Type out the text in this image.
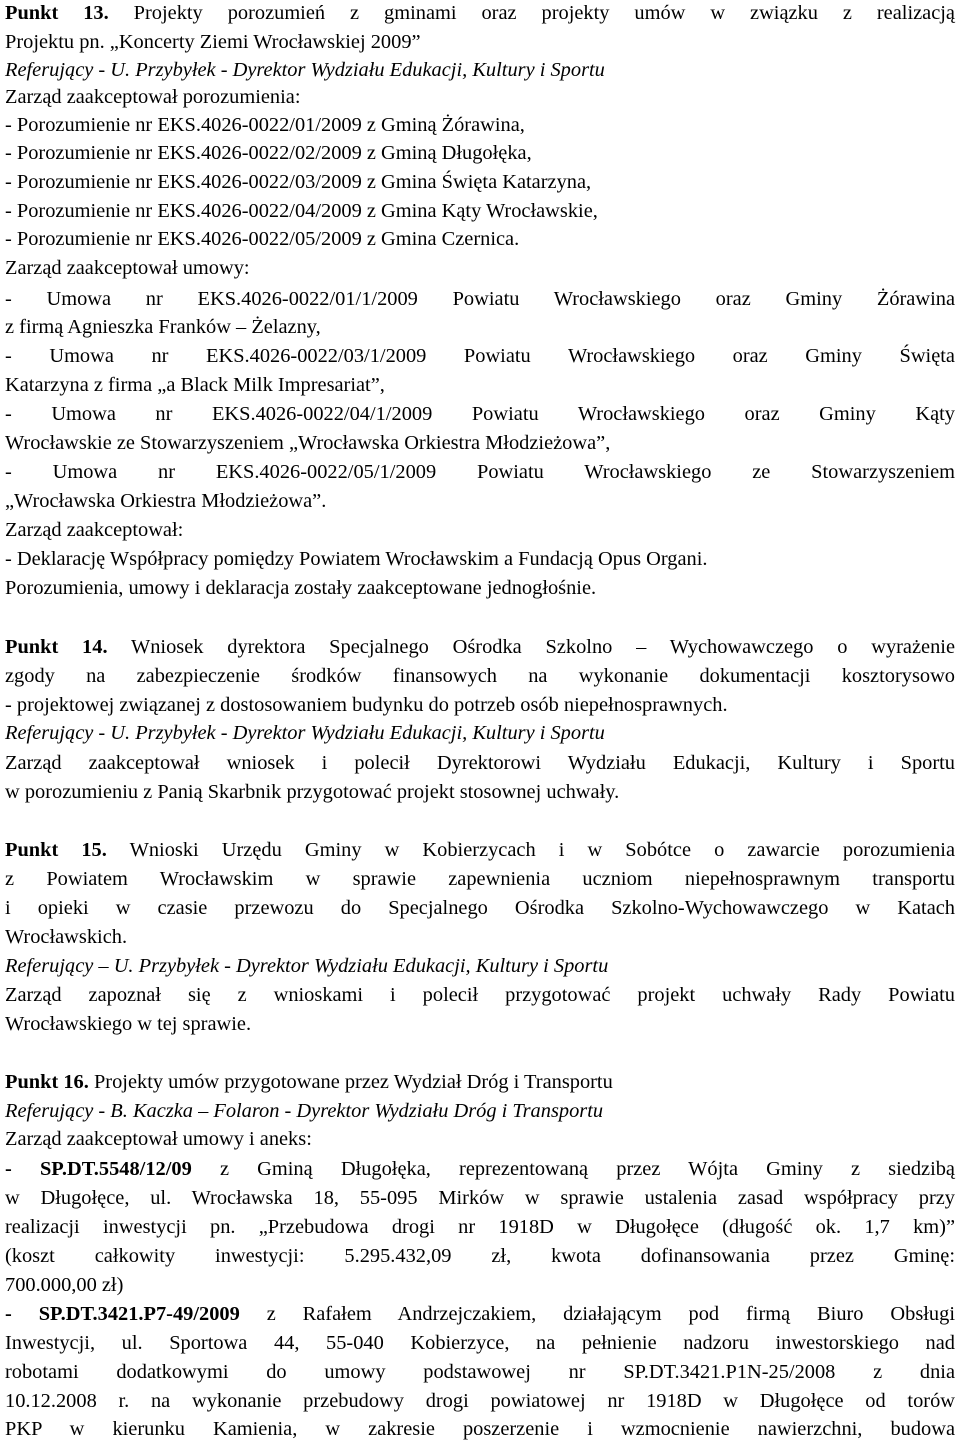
Punkt 13. Projekty porozumień z gminami oraz projekty umów w związku z realizacją
Projektu pn. „Koncerty Ziemi Wrocławskiej 2009”
Referujący - U. Przybyłek - Dyrektor Wydziału Edukacji, Kultury i Sportu
Zarząd zaakceptował porozumienia:
- Porozumienie nr EKS.4026-0022/01/2009 z Gminą Żórawina,
- Porozumienie nr EKS.4026-0022/02/2009 z Gminą Długołęka,
- Porozumienie nr EKS.4026-0022/03/2009 z Gmina Święta Katarzyna,
- Porozumienie nr EKS.4026-0022/04/2009 z Gmina Kąty Wrocławskie,
- Porozumienie nr EKS.4026-0022/05/2009 z Gmina Czernica.
Zarząd zaakceptował umowy:
- Umowa nr EKS.4026-0022/01/1/2009 Powiatu Wrocławskiego oraz Gminy Żórawina
z firmą Agnieszka Franków – Żelazny,
- Umowa nr EKS.4026-0022/03/1/2009 Powiatu Wrocławskiego oraz Gminy Święta
Katarzyna z firma „a Black Milk Impresariat”,
- Umowa nr EKS.4026-0022/04/1/2009 Powiatu Wrocławskiego oraz Gminy Kąty
Wrocławskie ze Stowarzyszeniem „Wrocławska Orkiestra Młodzieżowa”,
- Umowa nr EKS.4026-0022/05/1/2009 Powiatu Wrocławskiego ze Stowarzyszeniem
„Wrocławska Orkiestra Młodzieżowa”.
Zarząd zaakceptował:
- Deklarację Współpracy pomiędzy Powiatem Wrocławskim a Fundacją Opus Organi.
Porozumienia, umowy i deklaracja zostały zaakceptowane jednogłośnie.
Punkt 14. Wniosek dyrektora Specjalnego Ośrodka Szkolno – Wychowawczego o wyrażenie
zgody na zabezpieczenie środków finansowych na wykonanie dokumentacji kosztorysowo
- projektowej związanej z dostosowaniem budynku do potrzeb osób niepełnosprawnych.
Referujący - U. Przybyłek - Dyrektor Wydziału Edukacji, Kultury i Sportu
Zarząd zaakceptował wniosek i polecił Dyrektorowi Wydziału Edukacji, Kultury i Sportu
w porozumieniu z Panią Skarbnik przygotować projekt stosownej uchwały.
Punkt 15. Wnioski Urzędu Gminy w Kobierzycach i w Sobótce o zawarcie porozumienia
z Powiatem Wrocławskim w sprawie zapewnienia uczniom niepełnosprawnym transportu
i opieki w czasie przewozu do Specjalnego Ośrodka Szkolno-Wychowawczego w Katach
Wrocławskich.
Referujący – U. Przybyłek - Dyrektor Wydziału Edukacji, Kultury i Sportu
Zarząd zapoznał się z wnioskami i polecił przygotować projekt uchwały Rady Powiatu
Wrocławskiego w tej sprawie.
Punkt 16. Projekty umów przygotowane przez Wydział Dróg i Transportu
Referujący - B. Kaczka – Folaron - Dyrektor Wydziału Dróg i Transportu
Zarząd zaakceptował umowy i aneks:
- SP.DT.5548/12/09 z Gminą Długołęka, reprezentowaną przez Wójta Gminy z siedzibą
w Długołęce, ul. Wrocławska 18, 55-095 Mirków w sprawie ustalenia zasad współpracy przy
realizacji inwestycji pn. „Przebudowa drogi nr 1918D w Długołęce (długość ok. 1,7 km)”
(koszt całkowity inwestycji: 5.295.432,09 zł, kwota dofinansowania przez Gminę:
700.000,00 zł)
- SP.DT.3421.P7-49/2009 z Rafałem Andrzejczakiem, działającym pod firmą Biuro Obsługi
Inwestycji, ul. Sportowa 44, 55-040 Kobierzyce, na pełnienie nadzoru inwestorskiego nad
robotami dodatkowymi do umowy podstawowej nr SP.DT.3421.P1N-25/2008 z dnia
10.12.2008 r. na wykonanie przebudowy drogi powiatowej nr 1918D w Długołęce od torów
PKP w kierunku Kamienia, w zakresie poszerzenie i wzmocnienie nawierzchni, budowa
